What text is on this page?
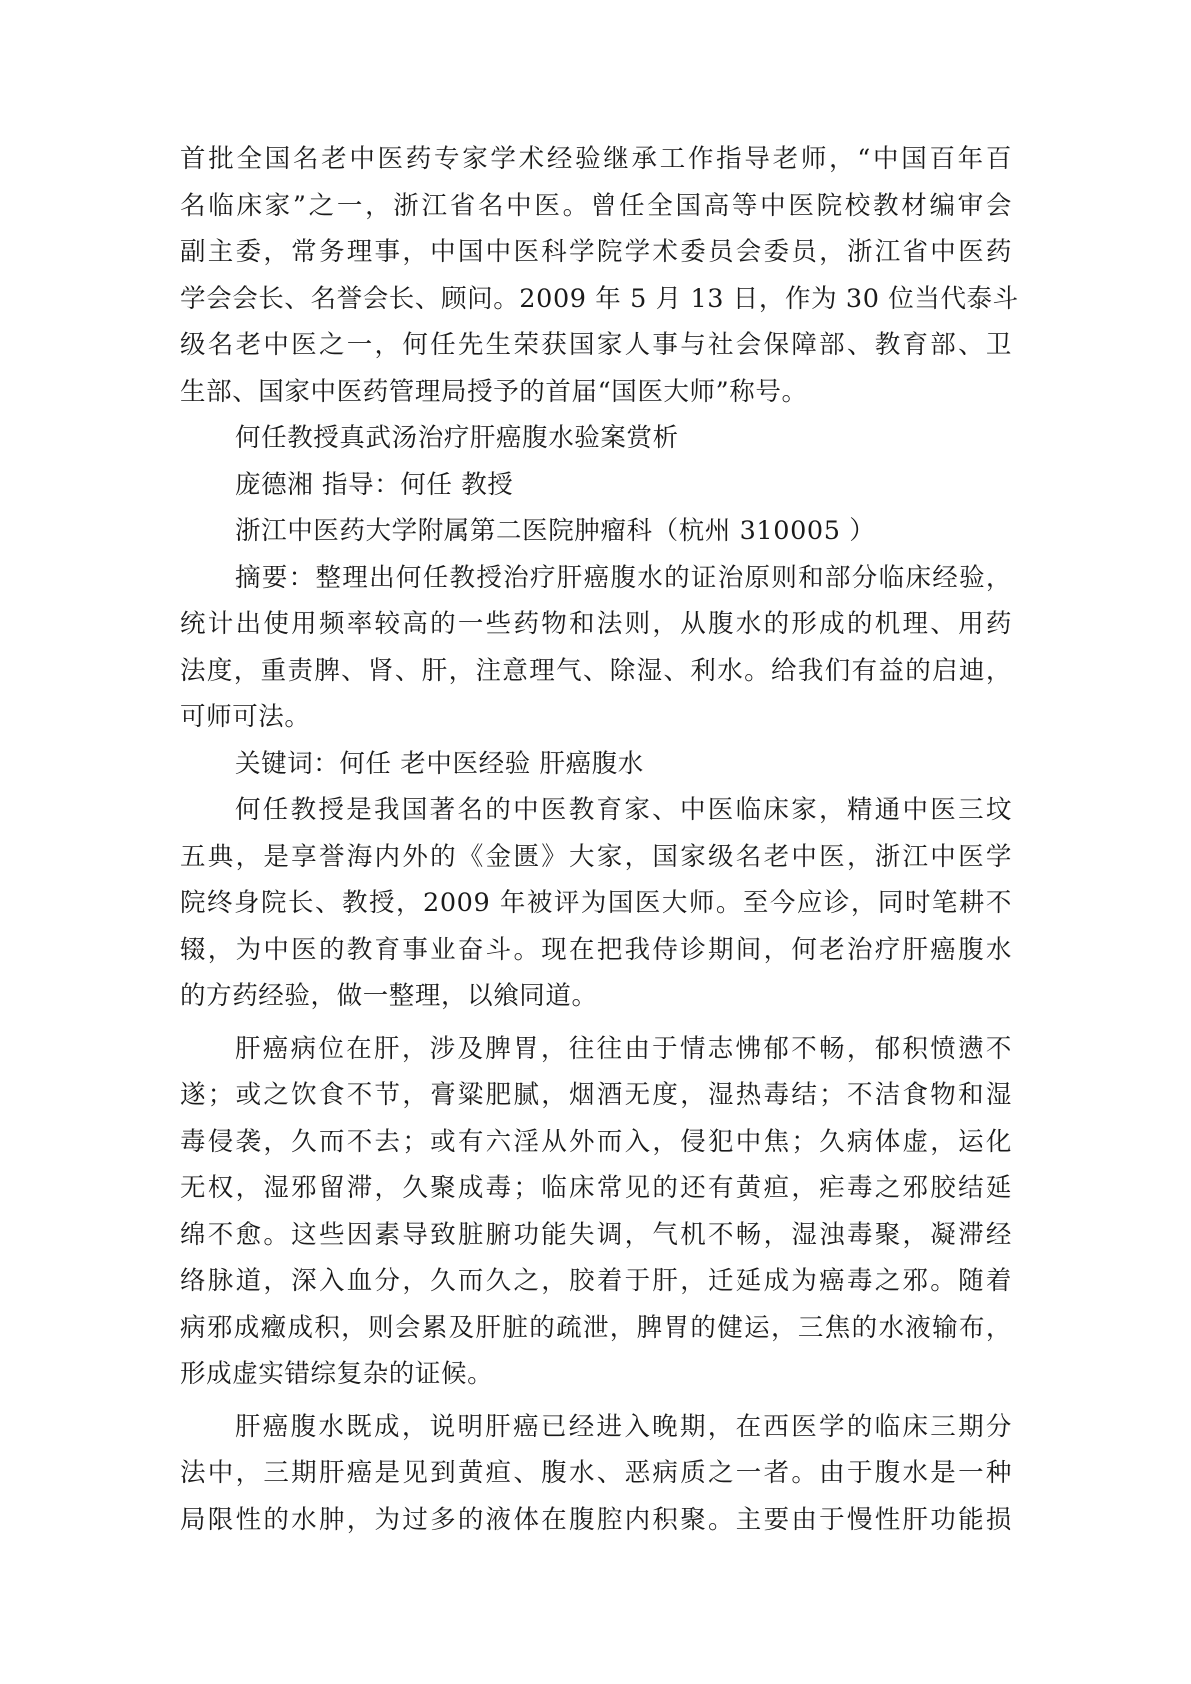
首批全国名老中医药专家学术经验继承工作指导老师，“中国百年百
名临床家”之一，浙江省名中医。曾任全国高等中医院校教材编审会
副主委，常务理事，中国中医科学院学术委员会委员，浙江省中医药
学会会长、名誉会长、顾问。2009 年 5 月 13 日，作为 30 位当代泰斗
级名老中医之一，何任先生荣获国家人事与社会保障部、教育部、卫
生部、国家中医药管理局授予的首届“国医大师”称号。
何任教授真武汤治疗肝癌腹水验案赏析
庞德湘 指导：何任 教授
浙江中医药大学附属第二医院肿瘤科（杭州 310005 ）
摘要：整理出何任教授治疗肝癌腹水的证治原则和部分临床经验，
统计出使用频率较高的一些药物和法则，从腹水的形成的机理、用药
法度，重责脾、肾、肝，注意理气、除湿、利水。给我们有益的启迪，
可师可法。
关键词：何任 老中医经验 肝癌腹水
何任教授是我国著名的中医教育家、中医临床家，精通中医三坟
五典，是享誉海内外的《金匮》大家，国家级名老中医，浙江中医学
院终身院长、教授，2009 年被评为国医大师。至今应诊，同时笔耕不
辍，为中医的教育事业奋斗。现在把我侍诊期间，何老治疗肝癌腹水
的方药经验，做一整理，以飨同道。
肝癌病位在肝，涉及脾胃，往往由于情志怫郁不畅，郁积愤懑不
遂；或之饮食不节，膏粱肥腻，烟酒无度，湿热毒结；不洁食物和湿
毒侵袭，久而不去；或有六淫从外而入，侵犯中焦；久病体虚，运化
无权，湿邪留滞，久聚成毒；临床常见的还有黄疸，疟毒之邪胶结延
绵不愈。这些因素导致脏腑功能失调，气机不畅，湿浊毒聚，凝滞经
络脉道，深入血分，久而久之，胶着于肝，迁延成为癌毒之邪。随着
病邪成癥成积，则会累及肝脏的疏泄，脾胃的健运，三焦的水液输布，
形成虚实错综复杂的证候。
肝癌腹水既成，说明肝癌已经进入晚期，在西医学的临床三期分
法中，三期肝癌是见到黄疸、腹水、恶病质之一者。由于腹水是一种
局限性的水肿，为过多的液体在腹腔内积聚。主要由于慢性肝功能损
